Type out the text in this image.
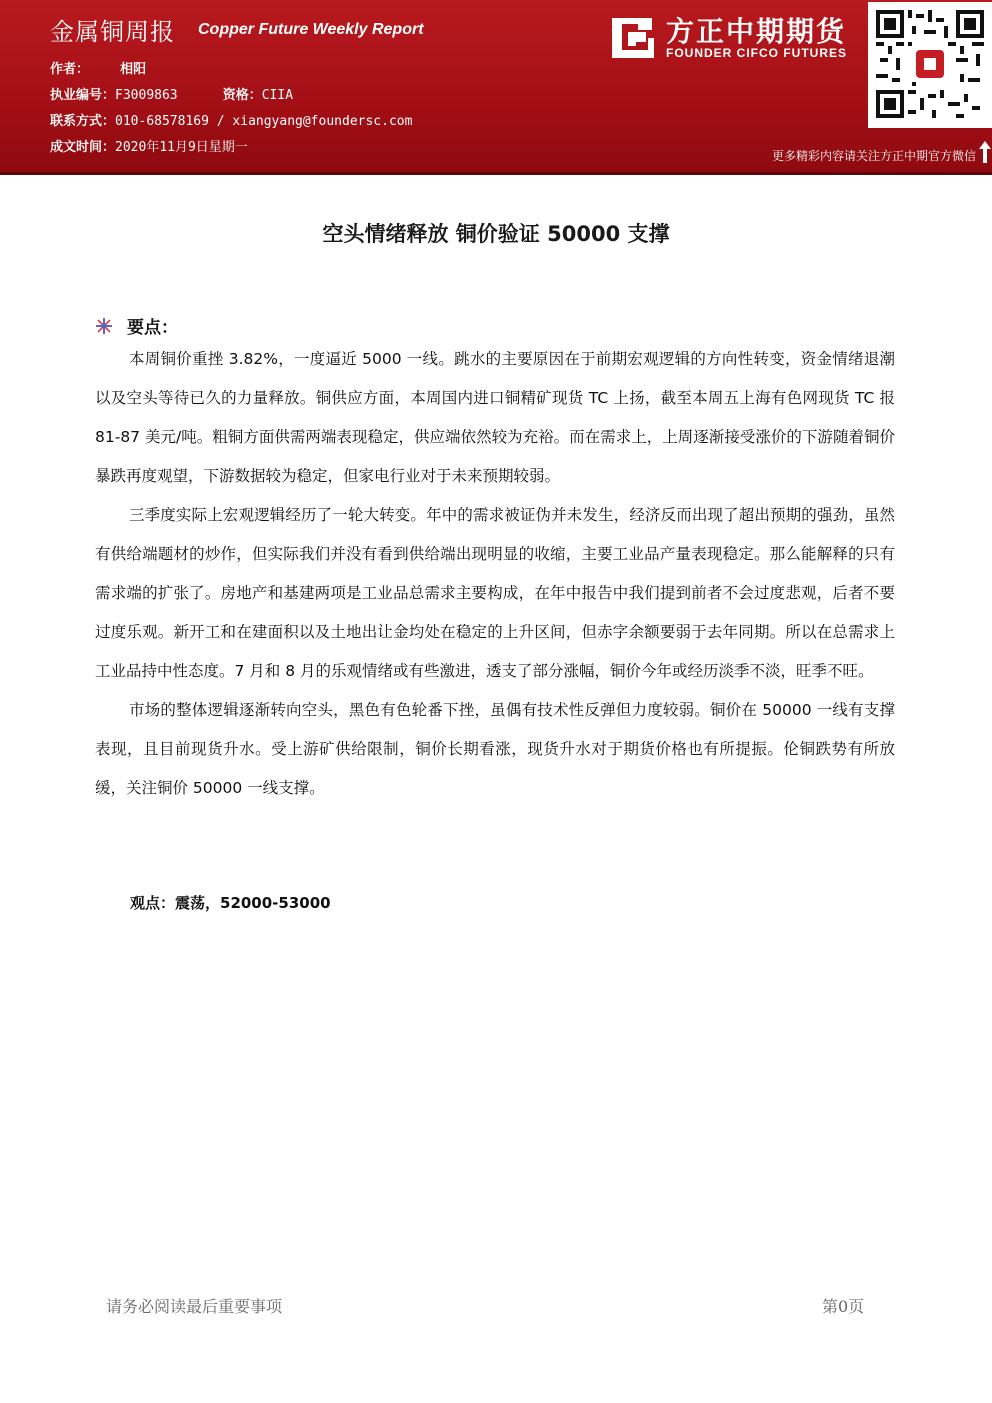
金属铜周报 Copper Future Weekly Report
作者： 相阳
执业编号：F3009863	资格：CIIA
联系方式：010-68578169 / xiangyang@foundersc.com
成文时间：2020年11月9日星期一
方正中期期货
FOUNDER CIFCO FUTURES
更多精彩内容请关注方正中期官方微信
空头情绪释放 铜价验证 50000 支撑
要点：

本周铜价重挫 3.82%，一度逼近 5000 一线。跳水的主要原因在于前期宏观逻辑的方向性转变，资金情绪退潮以及空头等待已久的力量释放。铜供应方面，本周国内进口铜精矿现货 TC 上扬，截至本周五上海有色网现货 TC 报 81-87 美元/吨。粗铜方面供需两端表现稳定，供应端依然较为充裕。而在需求上，上周逐渐接受涨价的下游随着铜价暴跌再度观望，下游数据较为稳定，但家电行业对于未来预期较弱。

三季度实际上宏观逻辑经历了一轮大转变。年中的需求被证伪并未发生，经济反而出现了超出预期的强劲，虽然有供给端题材的炒作，但实际我们并没有看到供给端出现明显的收缩，主要工业品产量表现稳定。那么能解释的只有需求端的扩张了。房地产和基建两项是工业品总需求主要构成，在年中报告中我们提到前者不会过度悲观，后者不要过度乐观。新开工和在建面积以及土地出让金均处在稳定的上升区间，但赤字余额要弱于去年同期。所以在总需求上工业品持中性态度。7 月和 8 月的乐观情绪或有些激进，透支了部分涨幅，铜价今年或经历淡季不淡，旺季不旺。

市场的整体逻辑逐渐转向空头，黑色有色轮番下挫，虽偶有技术性反弹但力度较弱。铜价在 50000 一线有支撑表现，且目前现货升水。受上游矿供给限制，铜价长期看涨，现货升水对于期货价格也有所提振。伦铜跌势有所放缓，关注铜价 50000 一线支撑。

观点：震荡，52000-53000
请务必阅读最后重要事项	第0页
